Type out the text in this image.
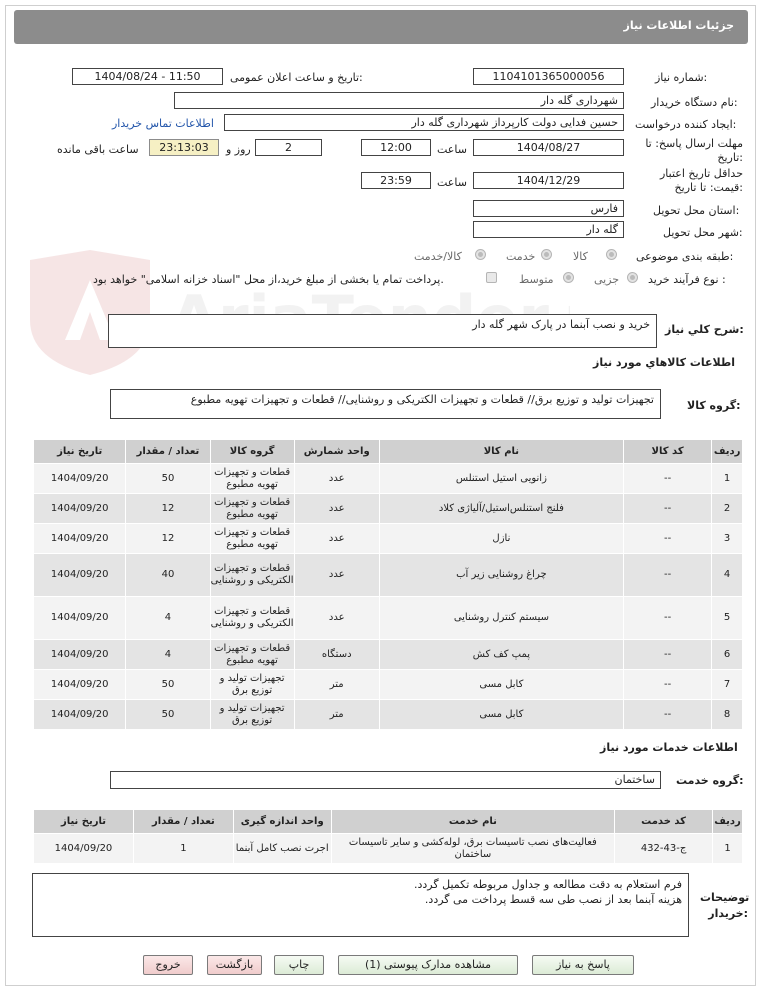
جزئیات اطلاعات نیاز
شماره نیاز:
1104101365000056
تاریخ و ساعت اعلان عمومی:
1404/08/24 - 11:50
نام دستگاه خریدار:
شهرداری گله دار
ایجاد کننده درخواست:
حسین فدایی دولت کارپرداز شهرداری گله دار
اطلاعات تماس خریدار
مهلت ارسال پاسخ: تا تاریخ:
1404/08/27
ساعت
12:00
2
روز و
23:13:03
ساعت باقی مانده
حداقل تاریخ اعتبار قیمت: تا تاریخ:
1404/12/29
ساعت
23:59
استان محل تحویل:
فارس
شهر محل تحویل:
گله دار
طبقه بندی موضوعی:
کالا
خدمت
کالا/خدمت
نوع فرآیند خرید :
جزیی
متوسط
پرداخت تمام یا بخشی از مبلغ خرید،از محل "اسناد خزانه اسلامی" خواهد بود.
شرح کلي نياز:
خرید و نصب آبنما در پارک شهر گله دار
اطلاعات کالاهاي مورد نياز
گروه کالا:
تجهیزات تولید و توزیع برق// قطعات و تجهیزات الکتریکی و روشنایی// قطعات و تجهیزات تهویه مطبوع
ردیف	کد کالا	نام کالا	واحد شمارش	گروه کالا	تعداد / مقدار	تاریخ نیاز
1	--	زانویی استیل استنلس	عدد	قطعات و تجهیزات تهویه مطبوع	50	1404/09/20
2	--	فلنج استنلس‌استیل/آلیاژی کلاد	عدد	قطعات و تجهیزات تهویه مطبوع	12	1404/09/20
3	--	نازل	عدد	قطعات و تجهیزات تهویه مطبوع	12	1404/09/20
4	--	چراغ روشنایی زیر آب	عدد	قطعات و تجهیزات الکتریکی و روشنایی	40	1404/09/20
5	--	سیستم کنترل روشنایی	عدد	قطعات و تجهیزات الکتریکی و روشنایی	4	1404/09/20
6	--	پمپ کف کش	دستگاه	قطعات و تجهیزات تهویه مطبوع	4	1404/09/20
7	--	کابل مسی	متر	تجهیزات تولید و توزیع برق	50	1404/09/20
8	--	کابل مسی	متر	تجهیزات تولید و توزیع برق	50	1404/09/20
اطلاعات خدمات مورد نياز
گروه خدمت:
ساختمان
ردیف	کد خدمت	نام خدمت	واحد اندازه گیری	تعداد / مقدار	تاریخ نیاز
1	ج-43-432	فعالیت‌های نصب تاسیسات برق، لوله‌کشی و سایر تاسیسات ساختمان	اجرت نصب کامل آبنما	1	1404/09/20
توضیحات خریدار:
فرم استعلام به دقت مطالعه و جداول مربوطه تکمیل گردد.
هزینه آبنما بعد از نصب طی سه قسط پرداخت می گردد.
پاسخ به نیاز
مشاهده مدارک پیوستی (1)
چاپ
بازگشت
خروج
